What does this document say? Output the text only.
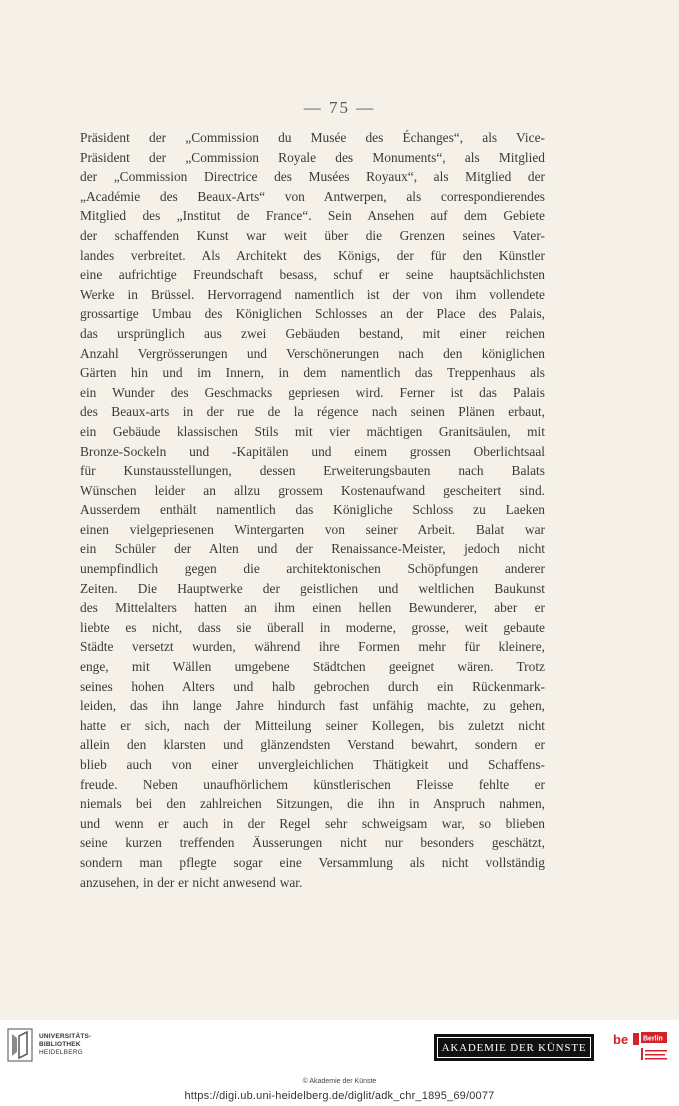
— 75 —
Präsident der „Commission du Musée des Échanges“, als Vice-
Präsident der „Commission Royale des Monuments“, als Mitglied
der „Commission Directrice des Musées Royaux“, als Mitglied der
„Académie des Beaux-Arts“ von Antwerpen, als correspondierendes
Mitglied des „Institut de France“. Sein Ansehen auf dem Gebiete
der schaffenden Kunst war weit über die Grenzen seines Vater-
landes verbreitet. Als Architekt des Königs, der für den Künstler
eine aufrichtige Freundschaft besass, schuf er seine hauptsächlichsten
Werke in Brüssel. Hervorragend namentlich ist der von ihm vollendete
grossartige Umbau des Königlichen Schlosses an der Place des Palais,
das ursprünglich aus zwei Gebäuden bestand, mit einer reichen
Anzahl Vergrösserungen und Verschönerungen nach den königlichen
Gärten hin und im Innern, in dem namentlich das Treppenhaus als
ein Wunder des Geschmacks gepriesen wird. Ferner ist das Palais
des Beaux-arts in der rue de la régence nach seinen Plänen erbaut,
ein Gebäude klassischen Stils mit vier mächtigen Granitsäulen, mit
Bronze-Sockeln und -Kapitälen und einem grossen Oberlichtsaal
für Kunstausstellungen, dessen Erweiterungsbauten nach Balats
Wünschen leider an allzu grossem Kostenaufwand gescheitert sind.
Ausserdem enthält namentlich das Königliche Schloss zu Laeken
einen vielgepriesenen Wintergarten von seiner Arbeit. Balat war
ein Schüler der Alten und der Renaissance-Meister, jedoch nicht
unempfindlich gegen die architektonischen Schöpfungen anderer
Zeiten. Die Hauptwerke der geistlichen und weltlichen Baukunst
des Mittelalters hatten an ihm einen hellen Bewunderer, aber er
liebte es nicht, dass sie überall in moderne, grosse, weit gebaute
Städte versetzt wurden, während ihre Formen mehr für kleinere,
enge, mit Wällen umgebene Städtchen geeignet wären. Trotz
seines hohen Alters und halb gebrochen durch ein Rückenmark-
leiden, das ihn lange Jahre hindurch fast unfähig machte, zu gehen,
hatte er sich, nach der Mitteilung seiner Kollegen, bis zuletzt nicht
allein den klarsten und glänzendsten Verstand bewahrt, sondern er
blieb auch von einer unvergleichlichen Thätigkeit und Schaffens-
freude. Neben unaufhörlichem künstlerischen Fleisse fehlte er
niemals bei den zahlreichen Sitzungen, die ihn in Anspruch nahmen,
und wenn er auch in der Regel sehr schweigsam war, so blieben
seine kurzen treffenden Äusserungen nicht nur besonders geschätzt,
sondern man pflegte sogar eine Versammlung als nicht vollständig
anzusehen, in der er nicht anwesend war.
UNIVERSITÄTS-
BIBLIOTHEK
HEIDELBERG	AKADEMIE DER KÜNSTE
be Berlin
© Akademie der Künste
https://digi.ub.uni-heidelberg.de/diglit/adk_chr_1895_69/0077
